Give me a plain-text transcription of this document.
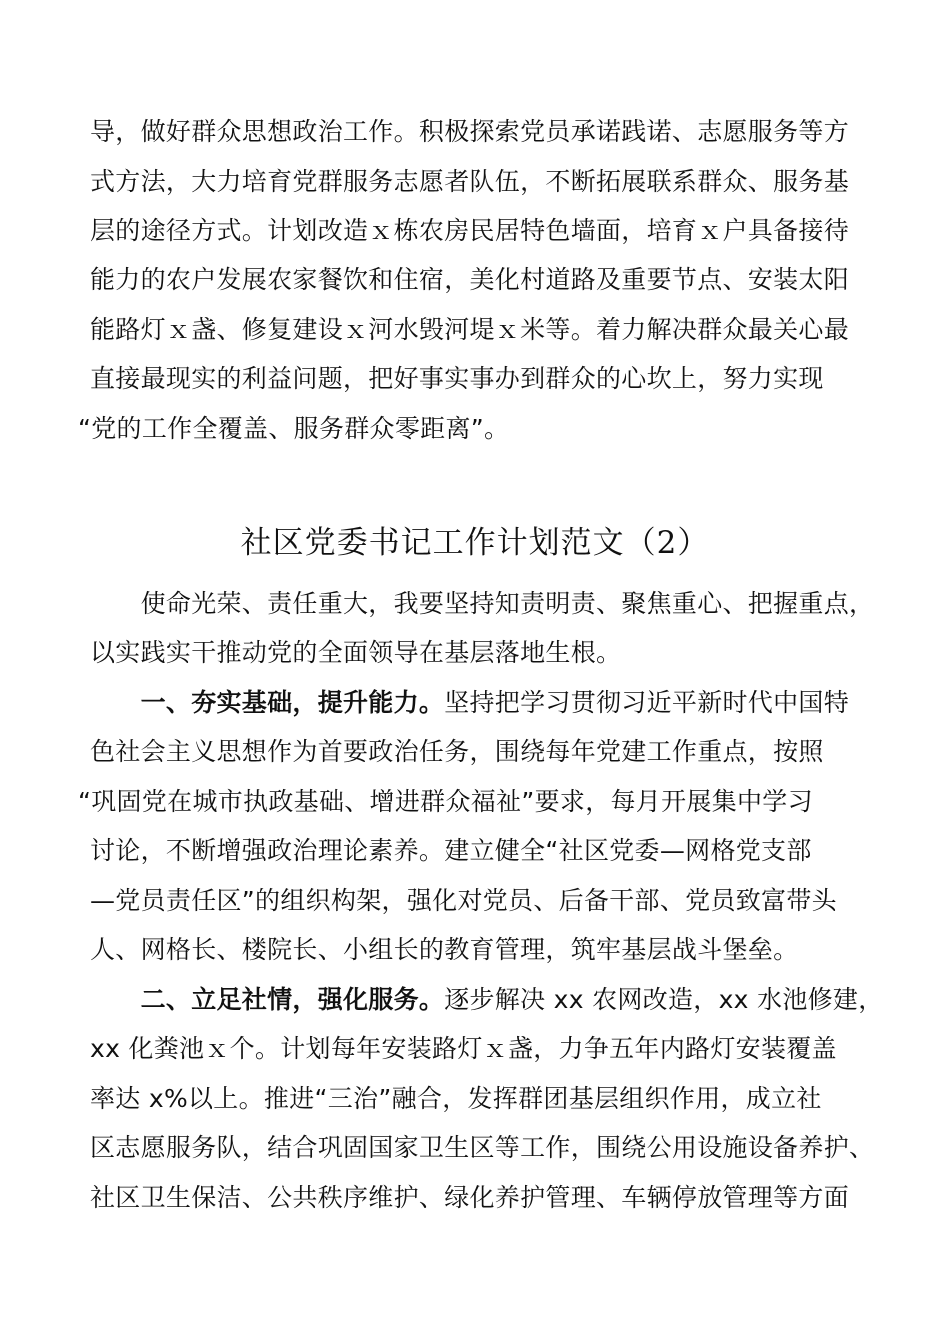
导，做好群众思想政治工作。积极探索党员承诺践诺、志愿服务等方
式方法，大力培育党群服务志愿者队伍，不断拓展联系群众、服务基
层的途径方式。计划改造ｘ栋农房民居特色墙面，培育ｘ户具备接待
能力的农户发展农家餐饮和住宿，美化村道路及重要节点、安装太阳
能路灯ｘ盏、修复建设ｘ河水毁河堤ｘ米等。着力解决群众最关心最
直接最现实的利益问题，把好事实事办到群众的心坎上，努力实现
“党的工作全覆盖、服务群众零距离”。
社区党委书记工作计划范文（2）
　　使命光荣、责任重大，我要坚持知责明责、聚焦重心、把握重点，
以实践实干推动党的全面领导在基层落地生根。
　　一、夯实基础，提升能力。坚持把学习贯彻习近平新时代中国特
色社会主义思想作为首要政治任务，围绕每年党建工作重点，按照
“巩固党在城市执政基础、增进群众福祉”要求，每月开展集中学习
讨论，不断增强政治理论素养。建立健全“社区党委—网格党支部
—党员责任区”的组织构架，强化对党员、后备干部、党员致富带头
人、网格长、楼院长、小组长的教育管理，筑牢基层战斗堡垒。
　　二、立足社情，强化服务。逐步解决 xx 农网改造，xx 水池修建，
xx 化粪池ｘ个。计划每年安装路灯ｘ盏，力争五年内路灯安装覆盖
率达 x%以上。推进“三治”融合，发挥群团基层组织作用，成立社
区志愿服务队，结合巩固国家卫生区等工作，围绕公用设施设备养护、
社区卫生保洁、公共秩序维护、绿化养护管理、车辆停放管理等方面
